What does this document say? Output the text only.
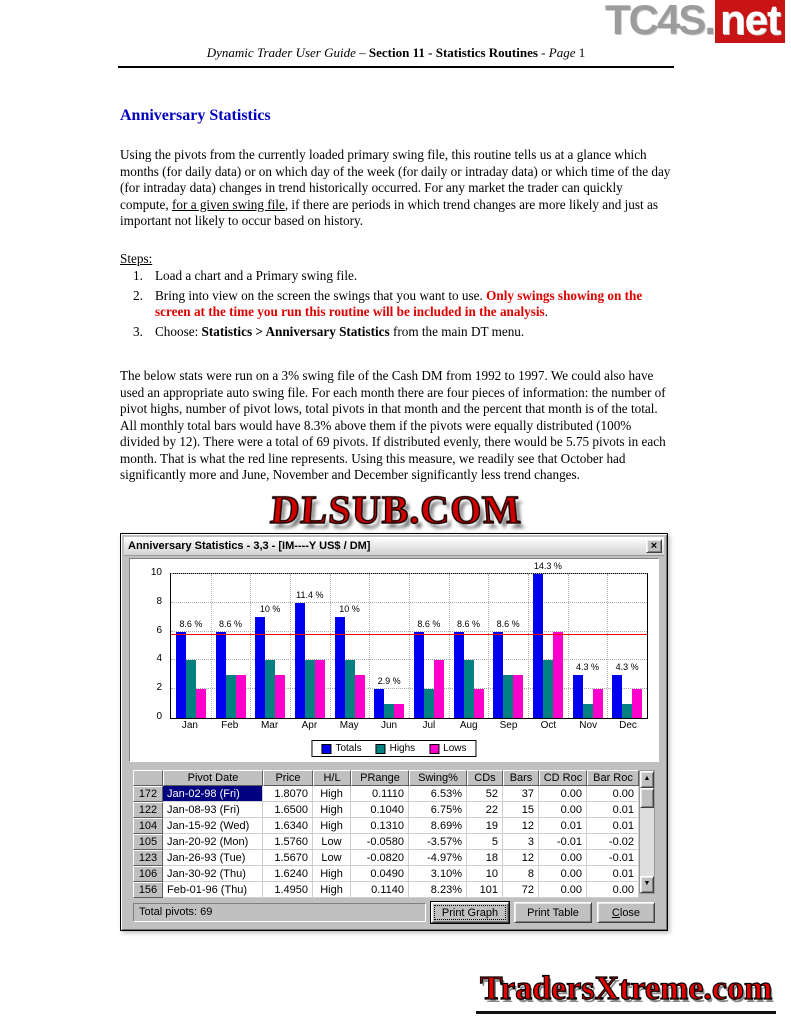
TC4S. net
Dynamic Trader User Guide – Section 11 - Statistics Routines - Page 1
Anniversary Statistics

Using the pivots from the currently loaded primary swing file, this routine tells us at a glance which months (for daily data) or on which day of the week (for daily or intraday data) or which time of the day (for intraday data) changes in trend historically occurred. For any market the trader can quickly compute, for a given swing file, if there are periods in which trend changes are more likely and just as important not likely to occur based on history.

Steps:
1. Load a chart and a Primary swing file.
2. Bring into view on the screen the swings that you want to use. Only swings showing on the screen at the time you run this routine will be included in the analysis.
3. Choose: Statistics > Anniversary Statistics from the main DT menu.

The below stats were run on a 3% swing file of the Cash DM from 1992 to 1997. We could also have used an appropriate auto swing file. For each month there are four pieces of information: the number of pivot highs, number of pivot lows, total pivots in that month and the percent that month is of the total. All monthly total bars would have 8.3% above them if the pivots were equally distributed (100% divided by 12). There were a total of 69 pivots. If distributed evenly, there would be 5.75 pivots in each month. That is what the red line represents. Using this measure, we readily see that October had significantly more and June, November and December significantly less trend changes.

DLSUB.COM
Anniversary Statistics - 3,3 - [IM----Y US$ / DM]	×
0
2
4
6
8
10
8.6 % 8.6 %
10 %
11.4 %
10 %
2.9 %
8.6 % 8.6 % 8.6 %
14.3 %
4.3 % 4.3 %
Jan	Feb	Mar	Apr	May	Jun	Jul	Aug	Sep	Oct	Nov	Dec
Totals	Highs	Lows
	Pivot Date	Price	H/L	PRange	Swing%	CDs	Bars	CD Roc	Bar Roc
172	Jan-02-98 (Fri)	1.8070	High	0.1110	6.53%	52	37	0.00	0.00
122	Jan-08-93 (Fri)	1.6500	High	0.1040	6.75%	22	15	0.00	0.01
104	Jan-15-92 (Wed)	1.6340	High	0.1310	8.69%	19	12	0.01	0.01
105	Jan-20-92 (Mon)	1.5760	Low	-0.0580	-3.57%	5	3	-0.01	-0.02
123	Jan-26-93 (Tue)	1.5670	Low	-0.0820	-4.97%	18	12	0.00	-0.01
106	Jan-30-92 (Thu)	1.6240	High	0.0490	3.10%	10	8	0.00	0.01
156	Feb-01-96 (Thu)	1.4950	High	0.1140	8.23%	101	72	0.00	0.00
▲
▼
Total pivots: 69	Print Graph	Print Table	Close
TradersXtreme.com
